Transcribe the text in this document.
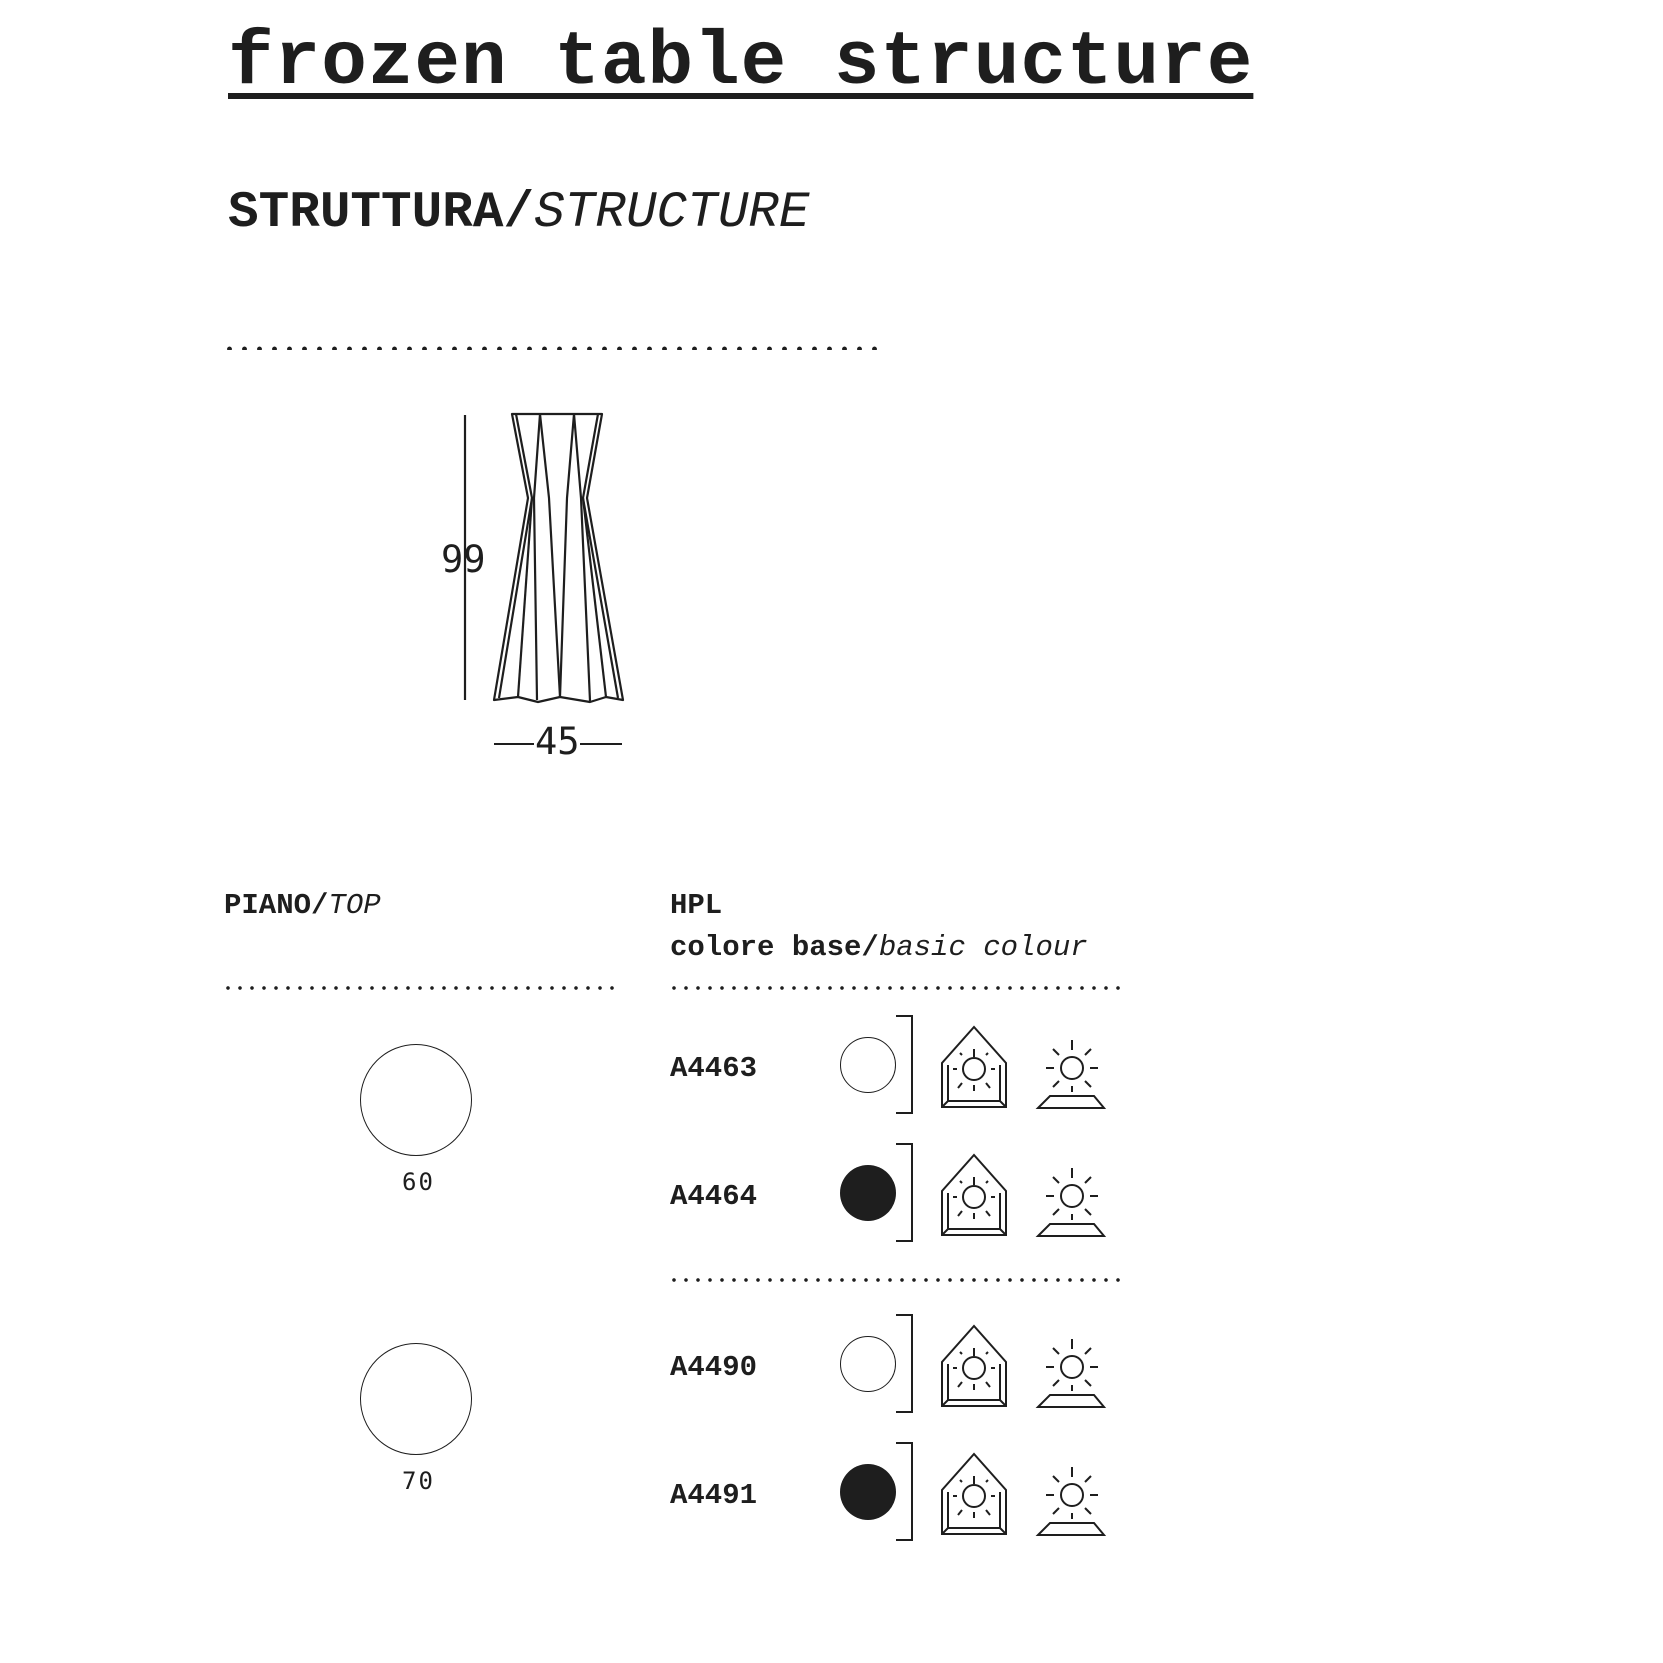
frozen table structure
STRUTTURA/STRUCTURE
99
45
PIANO/TOP
60
70
HPL
colore base/basic colour
A4463
A4464
A4490
A4491
